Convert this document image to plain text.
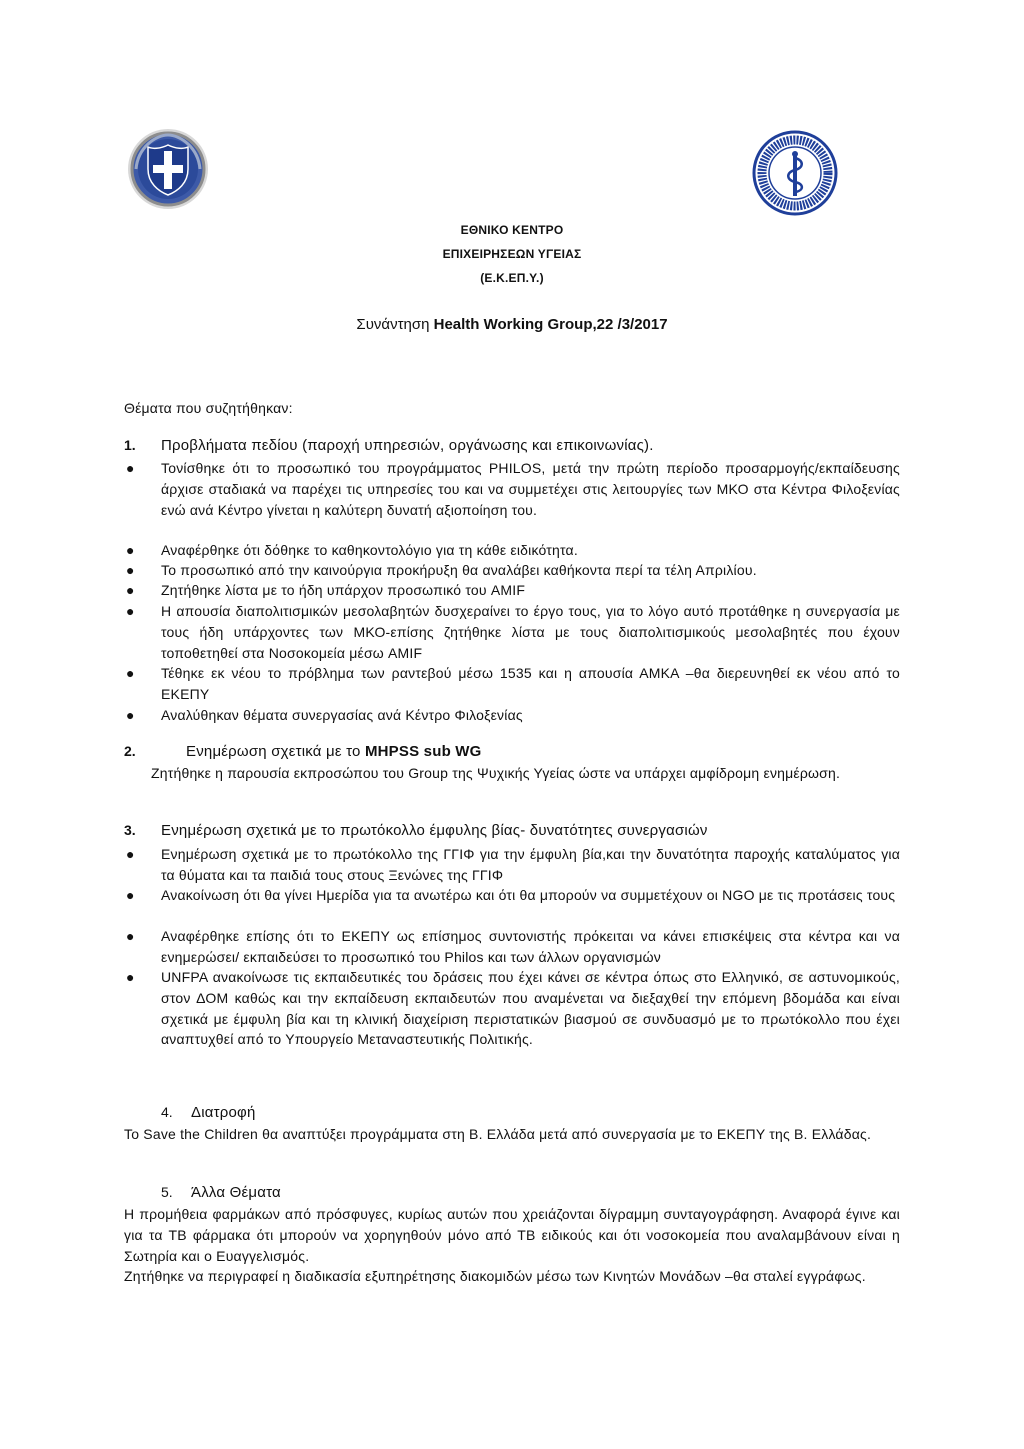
ΕΘΝΙΚΟ ΚΕΝΤΡΟ
ΕΠΙΧΕΙΡΗΣΕΩΝ ΥΓΕΙΑΣ
(Ε.Κ.ΕΠ.Υ.)
Συνάντηση Health Working Group,22 /3/2017
Θέματα που συζητήθηκαν:
1. Προβλήματα πεδίου (παροχή υπηρεσιών, οργάνωσης και επικοινωνίας).
● Τονίσθηκε ότι το προσωπικό του προγράμματος PHILOS, μετά την πρώτη περίοδο προσαρμογής/εκπαίδευσης άρχισε σταδιακά να παρέχει τις υπηρεσίες του και να συμμετέχει στις λειτουργίες των ΜΚΟ στα Κέντρα Φιλοξενίας ενώ ανά Κέντρο γίνεται η καλύτερη δυνατή αξιοποίηση του.
● Αναφέρθηκε ότι δόθηκε το καθηκοντολόγιο για τη κάθε ειδικότητα.
● Το προσωπικό από την καινούργια προκήρυξη θα αναλάβει καθήκοντα περί τα τέλη Απριλίου.
● Ζητήθηκε λίστα με το ήδη υπάρχον προσωπικό του AMIF
● Η απουσία διαπολιτισμικών μεσολαβητών δυσχεραίνει το έργο τους, για το λόγο αυτό προτάθηκε η συνεργασία με τους ήδη υπάρχοντες των ΜΚΟ-επίσης ζητήθηκε λίστα με τους διαπολιτισμικούς μεσολαβητές που έχουν τοποθετηθεί στα Νοσοκομεία μέσω AMIF
● Τέθηκε εκ νέου το πρόβλημα των ραντεβού μέσω 1535 και η απουσία ΑΜΚΑ –θα διερευνηθεί εκ νέου από το ΕΚΕΠΥ
● Αναλύθηκαν θέματα συνεργασίας ανά Κέντρο Φιλοξενίας
2.	Ενημέρωση σχετικά με το MHPSS sub WG
Ζητήθηκε η παρουσία εκπροσώπου του Group της Ψυχικής Υγείας ώστε να υπάρχει αμφίδρομη ενημέρωση.
3. Ενημέρωση σχετικά με το πρωτόκολλο έμφυλης βίας- δυνατότητες συνεργασιών
● Ενημέρωση σχετικά με το πρωτόκολλο της ΓΓΙΦ για την έμφυλη βία,και την δυνατότητα παροχής καταλύματος για τα θύματα και τα παιδιά τους στους Ξενώνες της ΓΓΙΦ
● Ανακοίνωση ότι θα γίνει Ημερίδα για τα ανωτέρω και ότι θα μπορούν να συμμετέχουν οι NGO με τις προτάσεις τους
● Αναφέρθηκε επίσης ότι το ΕΚΕΠΥ ως επίσημος συντονιστής πρόκειται να κάνει επισκέψεις στα κέντρα και να ενημερώσει/ εκπαιδεύσει το προσωπικό του Philos και των άλλων οργανισμών
● UNFPA ανακοίνωσε τις εκπαιδευτικές του δράσεις που έχει κάνει σε κέντρα όπως στο Ελληνικό, σε αστυνομικούς, στον ΔΟΜ καθώς και την εκπαίδευση εκπαιδευτών που αναμένεται να διεξαχθεί την επόμενη βδομάδα και είναι σχετικά με έμφυλη βία και τη κλινική διαχείριση περιστατικών βιασμού σε συνδυασμό με το πρωτόκολλο που έχει αναπτυχθεί από το Υπουργείο Μεταναστευτικής Πολιτικής.
4. Διατροφή
Το Save the Children θα αναπτύξει προγράμματα στη Β. Ελλάδα μετά από συνεργασία με το ΕΚΕΠΥ της Β. Ελλάδας.
5. Άλλα Θέματα
Η προμήθεια φαρμάκων από πρόσφυγες, κυρίως αυτών που χρειάζονται δίγραμμη συνταγογράφηση. Αναφορά έγινε και για τα ΤΒ φάρμακα ότι μπορούν να χορηγηθούν μόνο από ΤΒ ειδικούς και ότι νοσοκομεία που αναλαμβάνουν είναι η Σωτηρία και ο Ευαγγελισμός.
Ζητήθηκε να περιγραφεί η διαδικασία εξυπηρέτησης διακομιδών μέσω των Κινητών Μονάδων –θα σταλεί εγγράφως.
